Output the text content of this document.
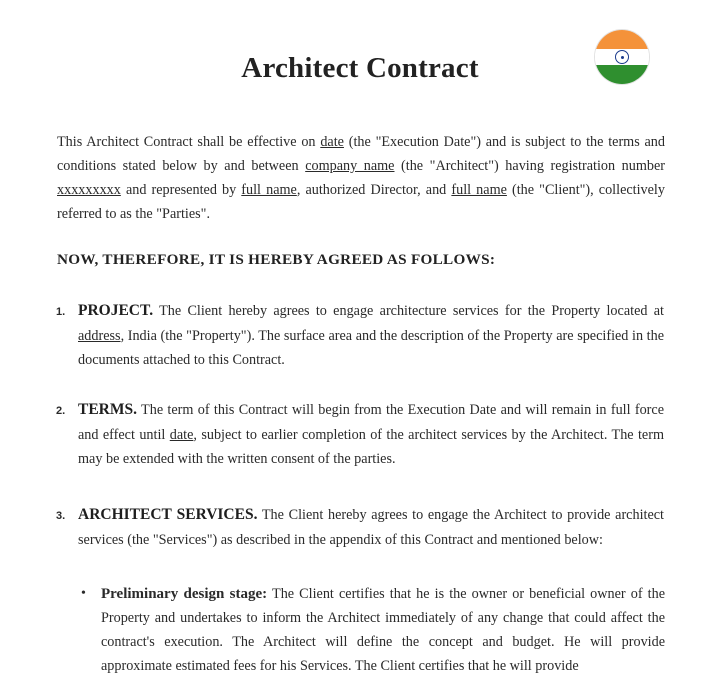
Architect Contract

This Architect Contract shall be effective on date (the "Execution Date") and is subject to the terms and conditions stated below by and between company name (the "Architect") having registration number xxxxxxxxx and represented by full name, authorized Director, and full name (the "Client"), collectively referred to as the "Parties".

NOW, THEREFORE, IT IS HEREBY AGREED AS FOLLOWS:

1. PROJECT. The Client hereby agrees to engage architecture services for the Property located at address, India (the "Property"). The surface area and the description of the Property are specified in the documents attached to this Contract.

2. TERMS. The term of this Contract will begin from the Execution Date and will remain in full force and effect until date, subject to earlier completion of the architect services by the Architect. The term may be extended with the written consent of the parties.

3. ARCHITECT SERVICES. The Client hereby agrees to engage the Architect to provide architect services (the "Services") as described in the appendix of this Contract and mentioned below:

• Preliminary design stage: The Client certifies that he is the owner or beneficial owner of the Property and undertakes to inform the Architect immediately of any change that could affect the contract's execution. The Architect will define the concept and budget. He will provide approximate estimated fees for his Services. The Client certifies that he will provide
